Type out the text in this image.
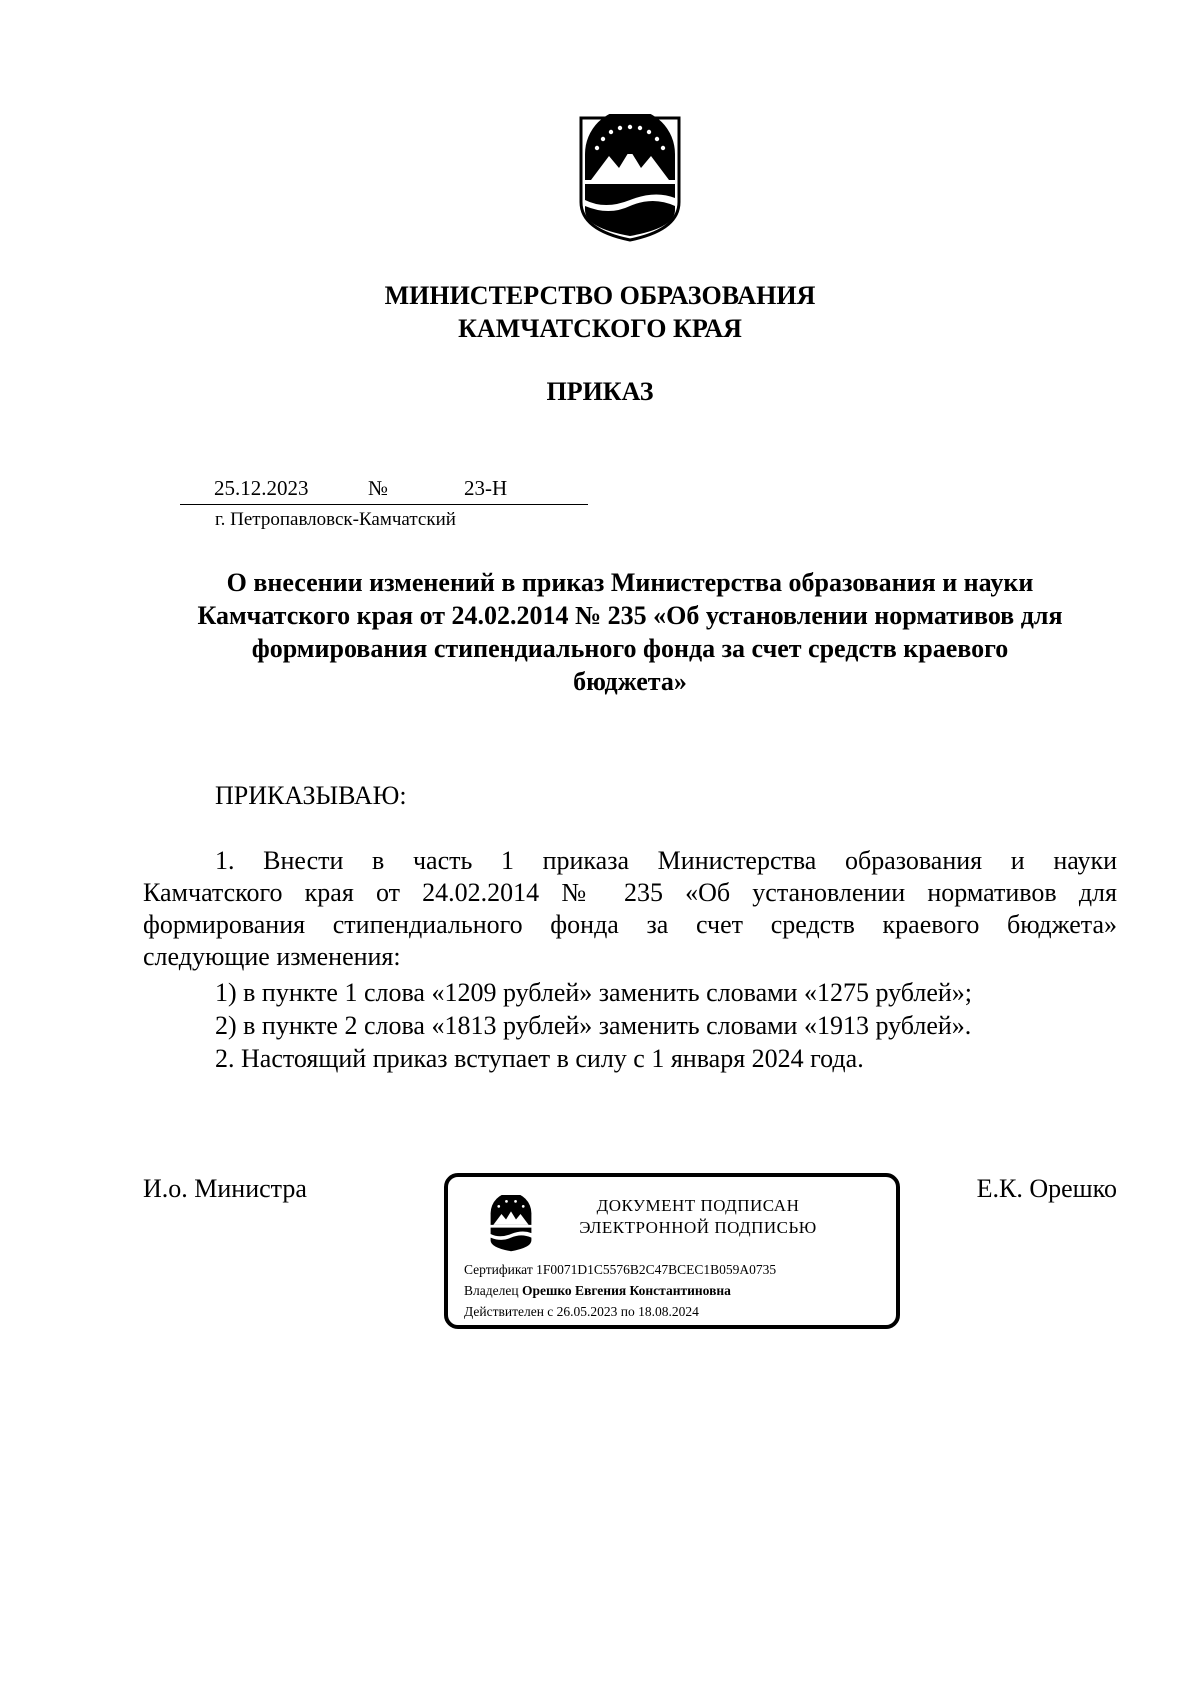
МИНИСТЕРСТВО ОБРАЗОВАНИЯ
КАМЧАТСКОГО КРАЯ
ПРИКАЗ
25.12.2023	№	23-Н
г. Петропавловск-Камчатский
О внесении изменений в приказ Министерства образования и науки
Камчатского края от 24.02.2014 № 235 «Об установлении нормативов для
формирования стипендиального фонда за счет средств краевого
бюджета»
ПРИКАЗЫВАЮ:
1. Внести в часть 1 приказа Министерства образования и науки
Камчатского края от 24.02.2014 № 235 «Об установлении нормативов для
формирования стипендиального фонда за счет средств краевого бюджета»
следующие изменения:
1) в пункте 1 слова «1209 рублей» заменить словами «1275 рублей»;
2) в пункте 2 слова «1813 рублей» заменить словами «1913 рублей».
2. Настоящий приказ вступает в силу с 1 января 2024 года.
И.о. Министра	Е.К. Орешко
ДОКУМЕНТ ПОДПИСАН
ЭЛЕКТРОННОЙ ПОДПИСЬЮ
Сертификат 1F0071D1C5576B2C47BCEC1B059A0735
Владелец Орешко Евгения Константиновна
Действителен с 26.05.2023 по 18.08.2024
